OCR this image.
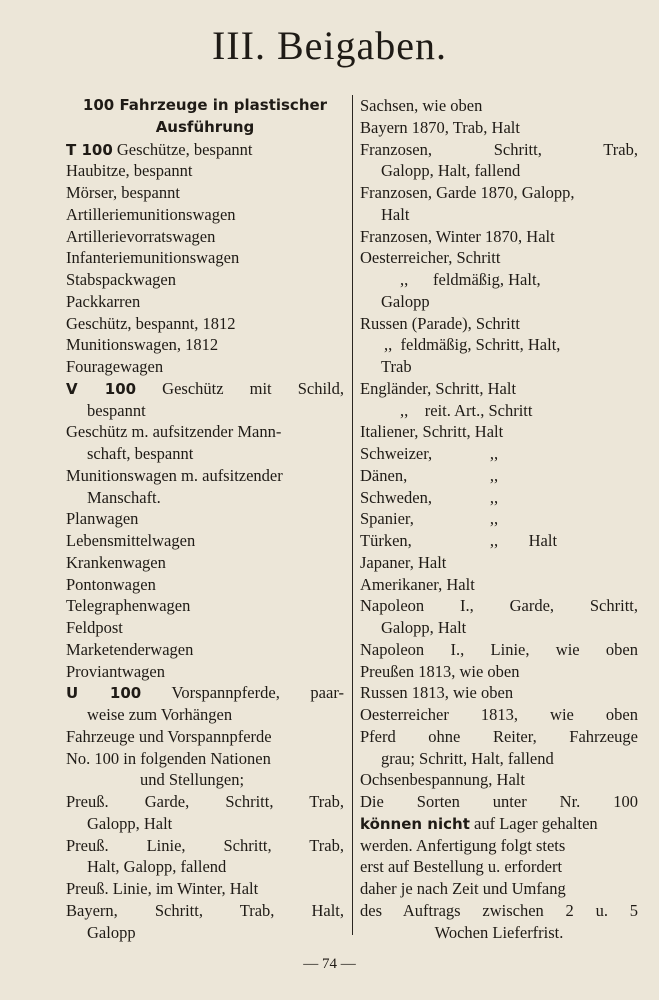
III. Beigaben.
100 Fahrzeuge in plastischer
Ausführung
T 100 Geschütze, bespannt
Haubitze, bespannt
Mörser, bespannt
Artilleriemunitionswagen
Artillerievorratswagen
Infanteriemunitionswagen
Stabspackwagen
Packkarren
Geschütz, bespannt, 1812
Munitionswagen, 1812
Fouragewagen
V 100 Geschütz mit Schild,
bespannt
Geschütz m. aufsitzender Mann-
schaft, bespannt
Munitionswagen m. aufsitzender
Manschaft.
Planwagen
Lebensmittelwagen
Krankenwagen
Pontonwagen
Telegraphenwagen
Feldpost
Marketenderwagen
Proviantwagen
U 100 Vorspannpferde, paar-
weise zum Vorhängen
Fahrzeuge und Vorspannpferde
No. 100 in folgenden Nationen
und Stellungen;
Preuß. Garde, Schritt, Trab,
Galopp, Halt
Preuß. Linie, Schritt, Trab,
Halt, Galopp, fallend
Preuß. Linie, im Winter, Halt
Bayern, Schritt, Trab, Halt,
Galopp
Sachsen, wie oben
Bayern 1870, Trab, Halt
Franzosen, Schritt, Trab,
Galopp, Halt, fallend
Franzosen, Garde 1870, Galopp,
Halt
Franzosen, Winter 1870, Halt
Oesterreicher, Schritt
,, feldmäßig, Halt,
Galopp
Russen (Parade), Schritt
,, feldmäßig, Schritt, Halt,
Trab
Engländer, Schritt, Halt
,, reit. Art., Schritt
Italiener, Schritt, Halt
Schweizer,	,,
Dänen,	,,
Schweden,	,,
Spanier,	,,
Türken,	,, Halt
Japaner, Halt
Amerikaner, Halt
Napoleon I., Garde, Schritt,
Galopp, Halt
Napoleon I., Linie, wie oben
Preußen 1813, wie oben
Russen 1813, wie oben
Oesterreicher 1813, wie oben
Pferd ohne Reiter, Fahrzeuge
grau; Schritt, Halt, fallend
Ochsenbespannung, Halt
Die Sorten unter Nr. 100
können nicht auf Lager gehalten
werden. Anfertigung folgt stets
erst auf Bestellung u. erfordert
daher je nach Zeit und Umfang
des Auftrags zwischen 2 u. 5
Wochen Lieferfrist.
— 74 —
